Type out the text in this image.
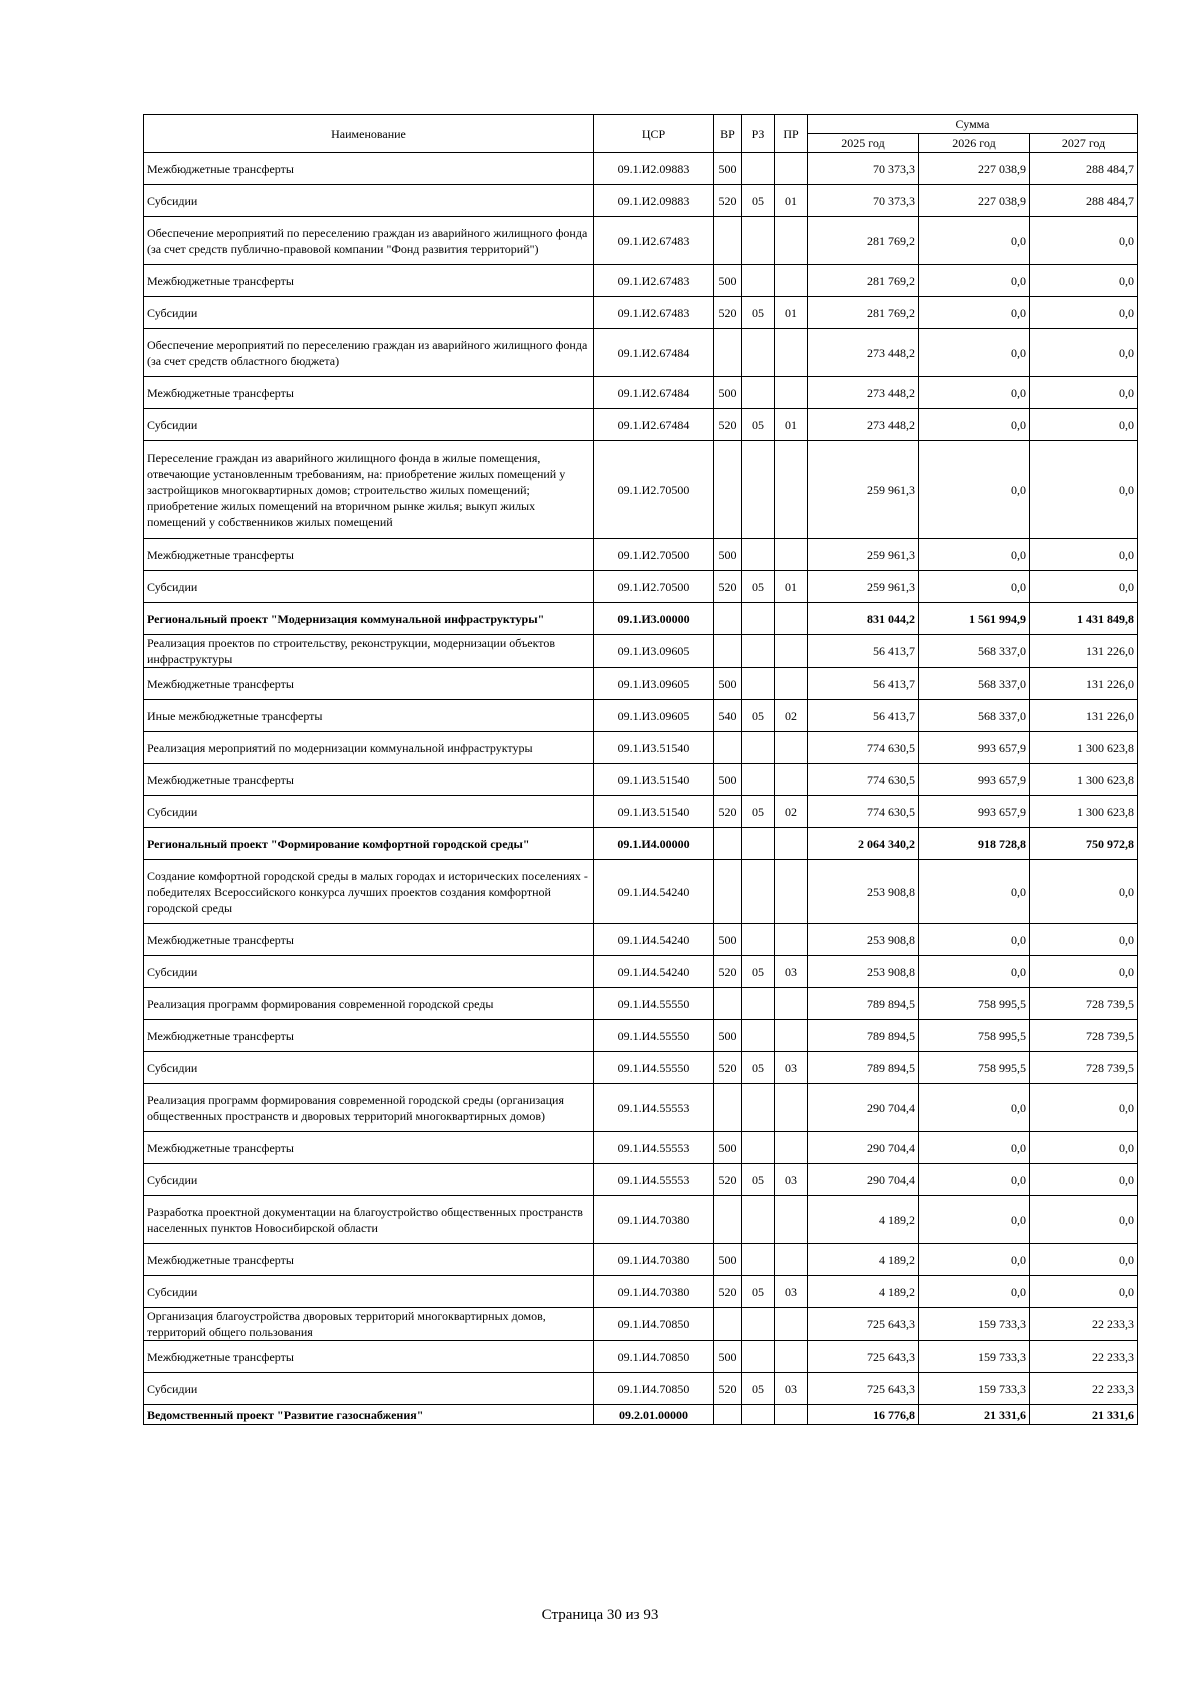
Наименование	ЦСР	ВР	РЗ	ПР	Сумма		
					2025 год	2026 год	2027 год
Межбюджетные трансферты	09.1.И2.09883	500			70 373,3	227 038,9	288 484,7
Субсидии	09.1.И2.09883	520	05	01	70 373,3	227 038,9	288 484,7
Обеспечение мероприятий по переселению граждан из аварийного жилищного фонда (за счет средств публично-правовой компании "Фонд развития территорий")	09.1.И2.67483				281 769,2	0,0	0,0
Межбюджетные трансферты	09.1.И2.67483	500			281 769,2	0,0	0,0
Субсидии	09.1.И2.67483	520	05	01	281 769,2	0,0	0,0
Обеспечение мероприятий по переселению граждан из аварийного жилищного фонда (за счет средств областного бюджета)	09.1.И2.67484				273 448,2	0,0	0,0
Межбюджетные трансферты	09.1.И2.67484	500			273 448,2	0,0	0,0
Субсидии	09.1.И2.67484	520	05	01	273 448,2	0,0	0,0
Переселение граждан из аварийного жилищного фонда в жилые помещения, отвечающие установленным требованиям, на: приобретение жилых помещений у застройщиков многоквартирных домов; строительство жилых помещений; приобретение жилых помещений на вторичном рынке жилья; выкуп жилых помещений у собственников жилых помещений	09.1.И2.70500				259 961,3	0,0	0,0
Межбюджетные трансферты	09.1.И2.70500	500			259 961,3	0,0	0,0
Субсидии	09.1.И2.70500	520	05	01	259 961,3	0,0	0,0
Региональный проект "Модернизация коммунальной инфраструктуры"	09.1.И3.00000				831 044,2	1 561 994,9	1 431 849,8
Реализация проектов по строительству, реконструкции, модернизации объектов инфраструктуры	09.1.И3.09605				56 413,7	568 337,0	131 226,0
Межбюджетные трансферты	09.1.И3.09605	500			56 413,7	568 337,0	131 226,0
Иные межбюджетные трансферты	09.1.И3.09605	540	05	02	56 413,7	568 337,0	131 226,0
Реализация мероприятий по модернизации коммунальной инфраструктуры	09.1.И3.51540				774 630,5	993 657,9	1 300 623,8
Межбюджетные трансферты	09.1.И3.51540	500			774 630,5	993 657,9	1 300 623,8
Субсидии	09.1.И3.51540	520	05	02	774 630,5	993 657,9	1 300 623,8
Региональный проект "Формирование комфортной городской среды"	09.1.И4.00000				2 064 340,2	918 728,8	750 972,8
Создание комфортной городской среды в малых городах и исторических поселениях - победителях Всероссийского конкурса лучших проектов создания комфортной городской среды	09.1.И4.54240				253 908,8	0,0	0,0
Межбюджетные трансферты	09.1.И4.54240	500			253 908,8	0,0	0,0
Субсидии	09.1.И4.54240	520	05	03	253 908,8	0,0	0,0
Реализация программ формирования современной городской среды	09.1.И4.55550				789 894,5	758 995,5	728 739,5
Межбюджетные трансферты	09.1.И4.55550	500			789 894,5	758 995,5	728 739,5
Субсидии	09.1.И4.55550	520	05	03	789 894,5	758 995,5	728 739,5
Реализация программ формирования современной городской среды (организация общественных пространств и дворовых территорий многоквартирных домов)	09.1.И4.55553				290 704,4	0,0	0,0
Межбюджетные трансферты	09.1.И4.55553	500			290 704,4	0,0	0,0
Субсидии	09.1.И4.55553	520	05	03	290 704,4	0,0	0,0
Разработка проектной документации на благоустройство общественных пространств населенных пунктов Новосибирской области	09.1.И4.70380				4 189,2	0,0	0,0
Межбюджетные трансферты	09.1.И4.70380	500			4 189,2	0,0	0,0
Субсидии	09.1.И4.70380	520	05	03	4 189,2	0,0	0,0
Организация благоустройства дворовых территорий многоквартирных домов, территорий общего пользования	09.1.И4.70850				725 643,3	159 733,3	22 233,3
Межбюджетные трансферты	09.1.И4.70850	500			725 643,3	159 733,3	22 233,3
Субсидии	09.1.И4.70850	520	05	03	725 643,3	159 733,3	22 233,3
Ведомственный проект "Развитие газоснабжения"	09.2.01.00000				16 776,8	21 331,6	21 331,6
Страница 30 из 93
